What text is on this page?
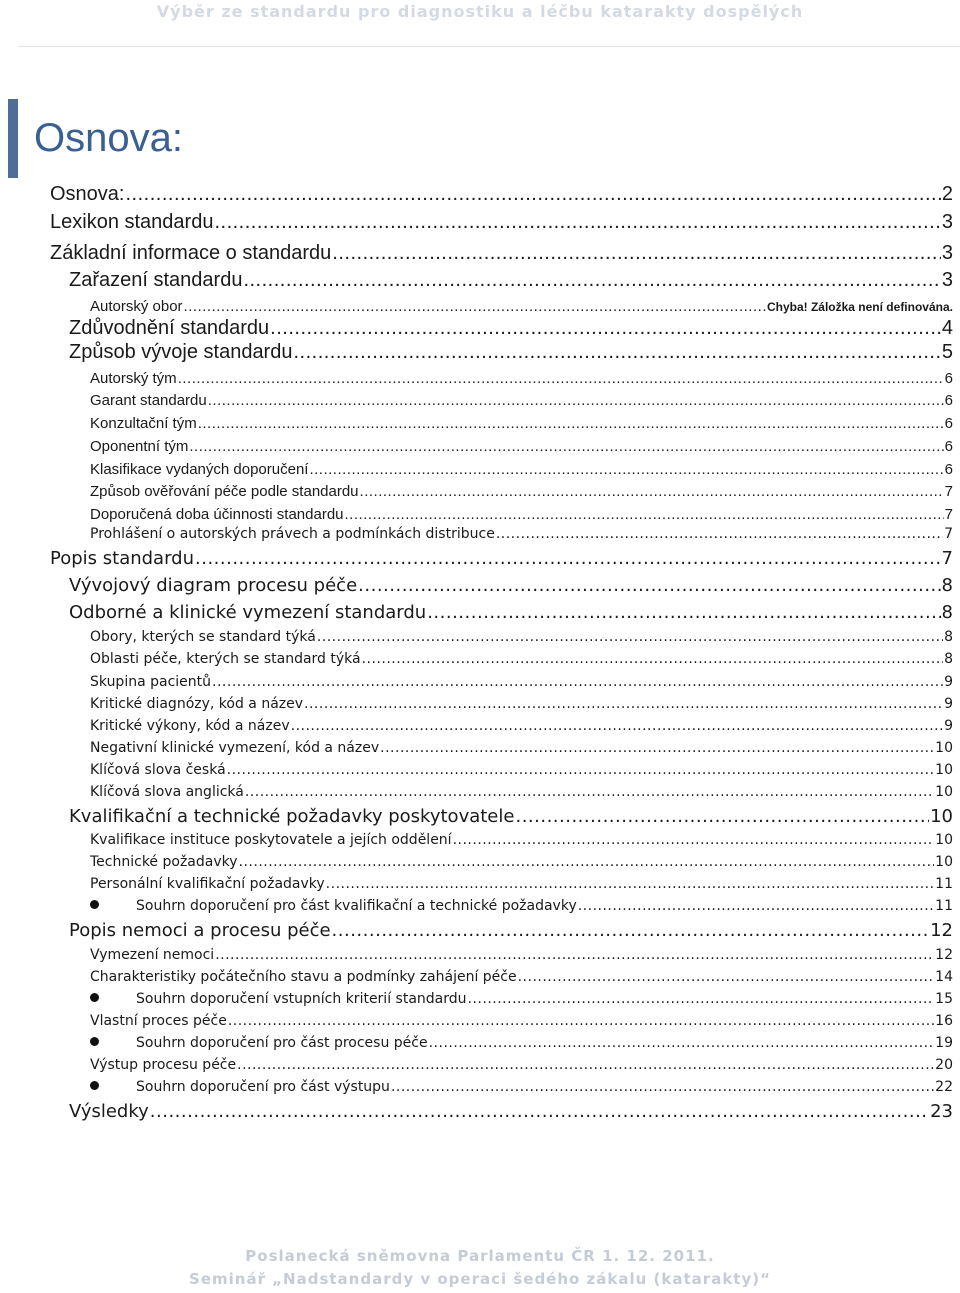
Výběr ze standardu pro diagnostiku a léčbu katarakty dospělých
Osnova:
Osnova: .....	2
Lexikon standardu .....	3
Základní informace o standardu .....	3
Zařazení standardu .....	3
Autorský obor .....	Chyba! Záložka není definována.
Zdůvodnění standardu .....	4
Způsob vývoje standardu .....	5
Autorský tým .....	6
Garant standardu .....	6
Konzultační tým .....	6
Oponentní tým .....	6
Klasifikace vydaných doporučení .....	6
Způsob ověřování péče podle standardu .....	7
Doporučená doba účinnosti standardu .....	7
Prohlášení o autorských právech a podmínkách distribuce .....	7
Popis standardu .....	7
Vývojový diagram procesu péče .....	8
Odborné a klinické vymezení standardu .....	8
Obory, kterých se standard týká .....	8
Oblasti péče, kterých se standard týká .....	8
Skupina pacientů .....	9
Kritické diagnózy, kód a název .....	9
Kritické výkony, kód a název .....	9
Negativní klinické vymezení, kód a název .....	10
Klíčová slova česká .....	10
Klíčová slova anglická .....	10
Kvalifikační a technické požadavky poskytovatele .....	10
Kvalifikace instituce poskytovatele a jejích oddělení .....	10
Technické požadavky .....	10
Personální kvalifikační požadavky .....	11
Souhrn doporučení pro část kvalifikační a technické požadavky .....	11
Popis nemoci a procesu péče .....	12
Vymezení nemoci .....	12
Charakteristiky počátečního stavu a podmínky zahájení péče .....	14
Souhrn doporučení vstupních kriterií standardu .....	15
Vlastní proces péče .....	16
Souhrn doporučení pro část procesu péče .....	19
Výstup procesu péče .....	20
Souhrn doporučení pro část výstupu .....	22
Výsledky .....	23
Poslanecká sněmovna Parlamentu ČR 1. 12. 2011.
Seminář „Nadstandardy v operaci šedého zákalu (katarakty)“
